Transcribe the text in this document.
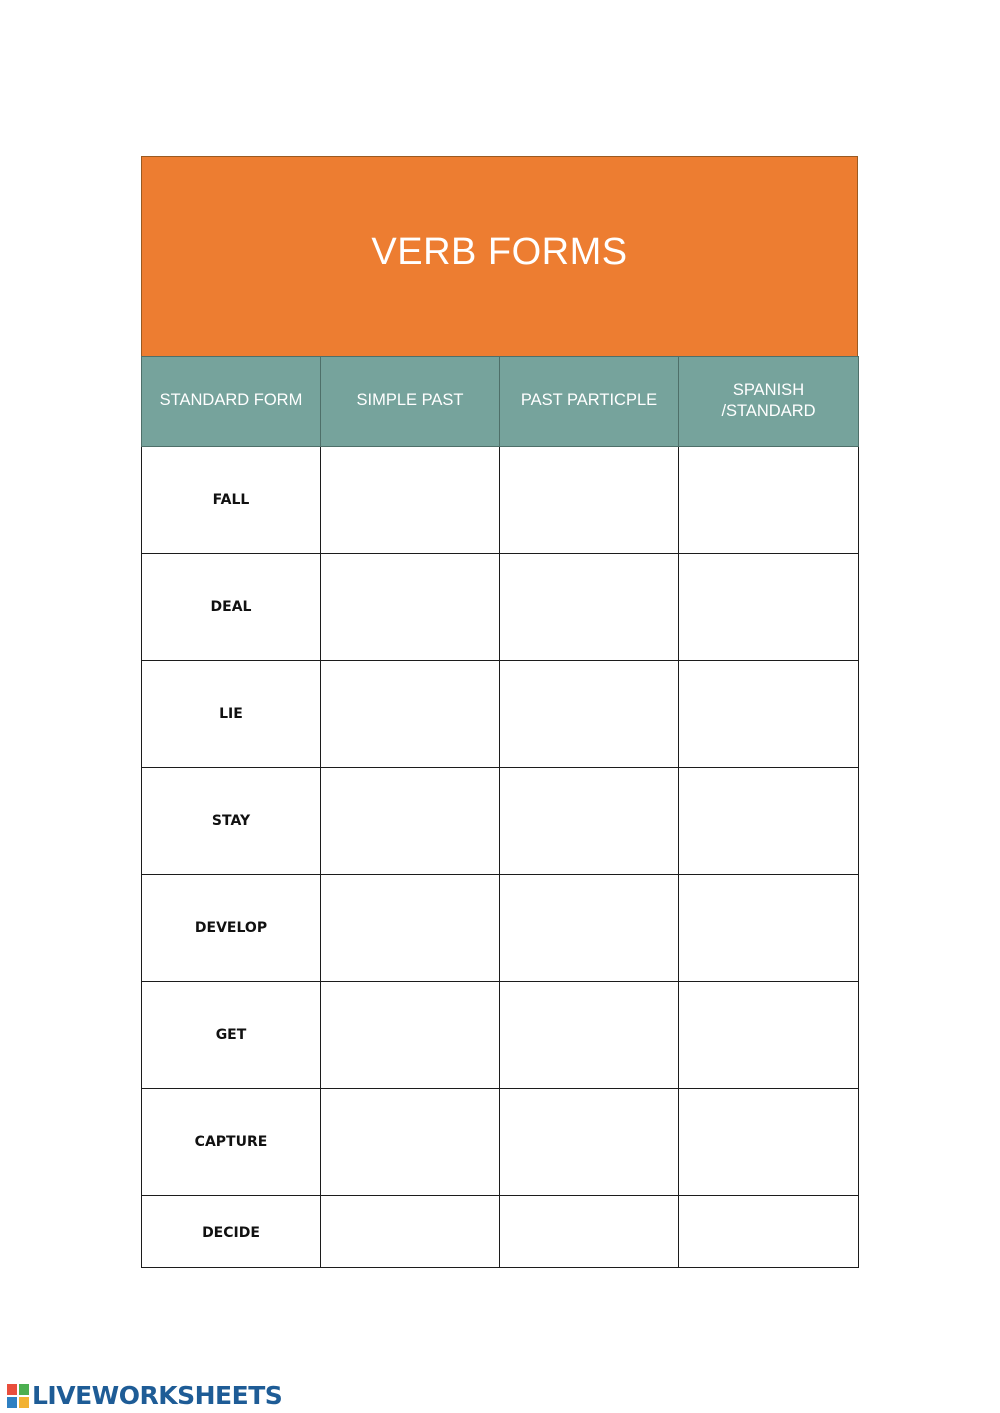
VERB FORMS
STANDARD FORM	SIMPLE PAST	PAST PARTICPLE	SPANISH
/STANDARD

FALL			
DEAL			
LIE			
STAY			
DEVELOP			
GET			
CAPTURE			
DECIDE			
LIVEWORKSHEETS
